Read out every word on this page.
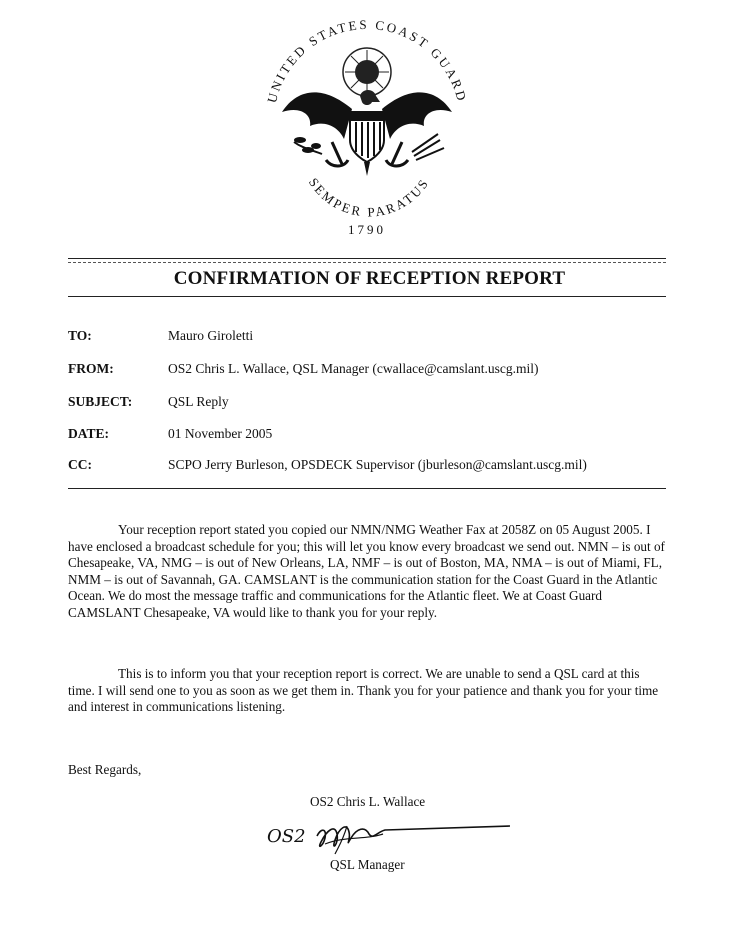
UNITED STATES COAST GUARD
SEMPER PARATUS
1790
CONFIRMATION OF RECEPTION REPORT
TO:	Mauro Giroletti
FROM:	OS2 Chris L. Wallace, QSL Manager (cwallace@camslant.uscg.mil)
SUBJECT:	QSL Reply
DATE:	01 November 2005
CC:	SCPO Jerry Burleson, OPSDECK Supervisor (jburleson@camslant.uscg.mil)
Your reception report stated you copied our NMN/NMG Weather Fax at 2058Z on 05 August 2005. I have enclosed a broadcast schedule for you; this will let you know every broadcast we send out. NMN – is out of Chesapeake, VA, NMG – is out of New Orleans, LA, NMF – is out of Boston, MA, NMA – is out of Miami, FL, NMM – is out of Savannah, GA. CAMSLANT is the communication station for the Coast Guard in the Atlantic Ocean. We do most the message traffic and communications for the Atlantic fleet. We at Coast Guard CAMSLANT Chesapeake, VA would like to thank you for your reply.
This is to inform you that your reception report is correct. We are unable to send a QSL card at this time. I will send one to you as soon as we get them in. Thank you for your patience and thank you for your time and interest in communications listening.
Best Regards,
OS2 Chris L. Wallace
OS2
QSL Manager
